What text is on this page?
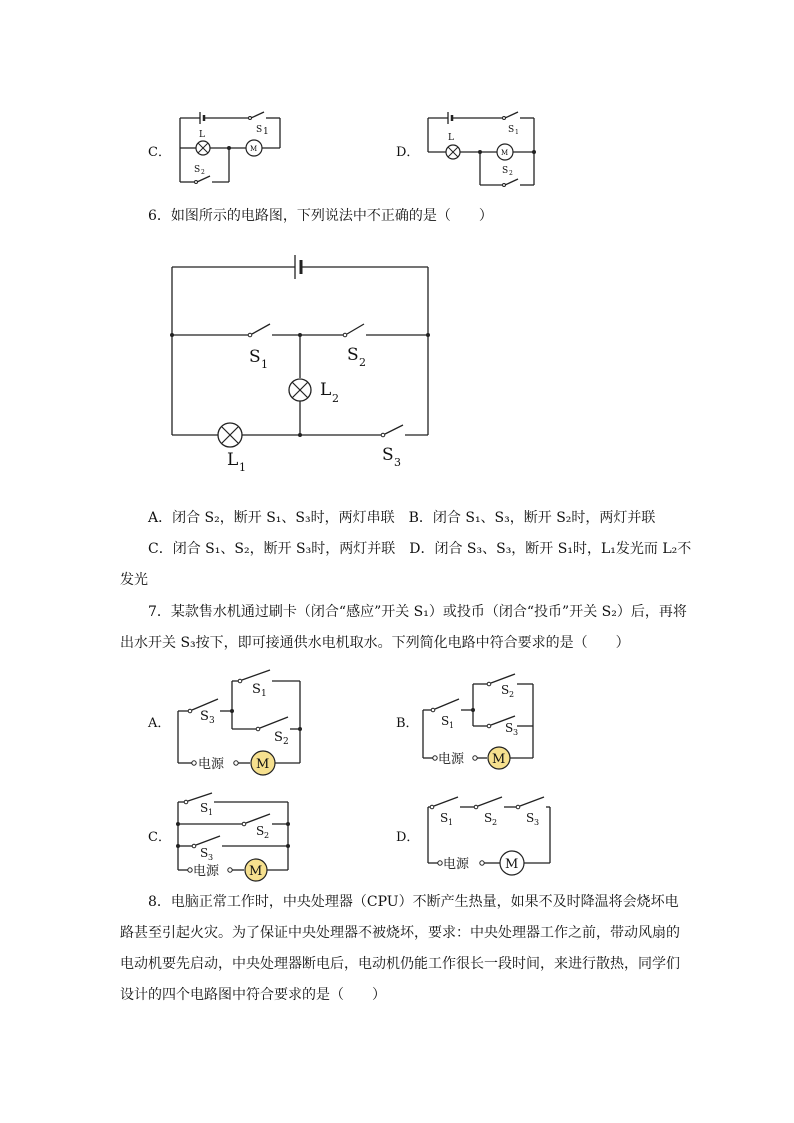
C．
L	S 1
S 2
M	D．
L
S 1
S 2
M
6．如图所示的电路图，下列说法中不正确的是（　　）
S 1	S 2
L 2
L 1
S 3
A．闭合 S₂，断开 S₁、S₃时，两灯串联　B．闭合 S₁、S₃，断开 S₂时，两灯并联
C．闭合 S₁、S₂，断开 S₃时，两灯并联　D．闭合 S₃、S₃，断开 S₁时，L₁发光而 L₂不
发光
7．某款售水机通过刷卡（闭合“感应”开关 S₁）或投币（闭合“投币”开关 S₂）后，再将
出水开关 S₃按下，即可接通供水电机取水。下列简化电路中符合要求的是（　　）
A．
电源 M
S 3
S 1
S 2
B．
电源 M
S 1
S 2
S 3
C．
电源 M
S 1
S 2
S 3
D．
电源	M
S 1	S 2 S 3
8．电脑正常工作时，中央处理器（CPU）不断产生热量，如果不及时降温将会烧坏电
路甚至引起火灾。为了保证中央处理器不被烧坏，要求：中央处理器工作之前，带动风扇的
电动机要先启动，中央处理器断电后，电动机仍能工作很长一段时间，来进行散热，同学们
设计的四个电路图中符合要求的是（　　）
